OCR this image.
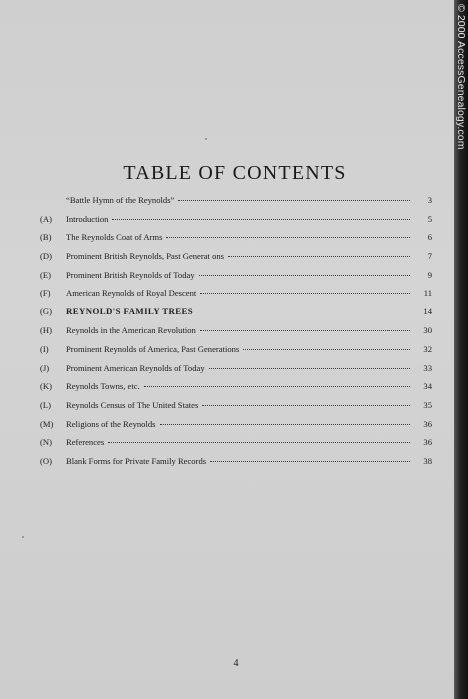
TABLE OF CONTENTS
“Battle Hymn of the Reynolds”	3
(A)	Introduction	5
(B)	The Reynolds Coat of Arms	6
(D)	Prominent British Reynolds, Past Generat ons	7
(E)	Prominent British Reynolds of Today	9
(F)	American Reynolds of Royal Descent	11
(G)	REYNOLD'S FAMILY TREES	14
(H)	Reynolds in the American Revolution	30
(I)	Prominent Reynolds of America, Past Generations	32
(J)	Prominent American Reynolds of Today	33
(K)	Reynolds Towns, etc.	34
(L)	Reynolds Census of The United States	35
(M)	Religions of the Reynolds	36
(N)	References	36
(O)	Blank Forms for Private Family Records	38
4
© 2000 AccessGenealogy.com
